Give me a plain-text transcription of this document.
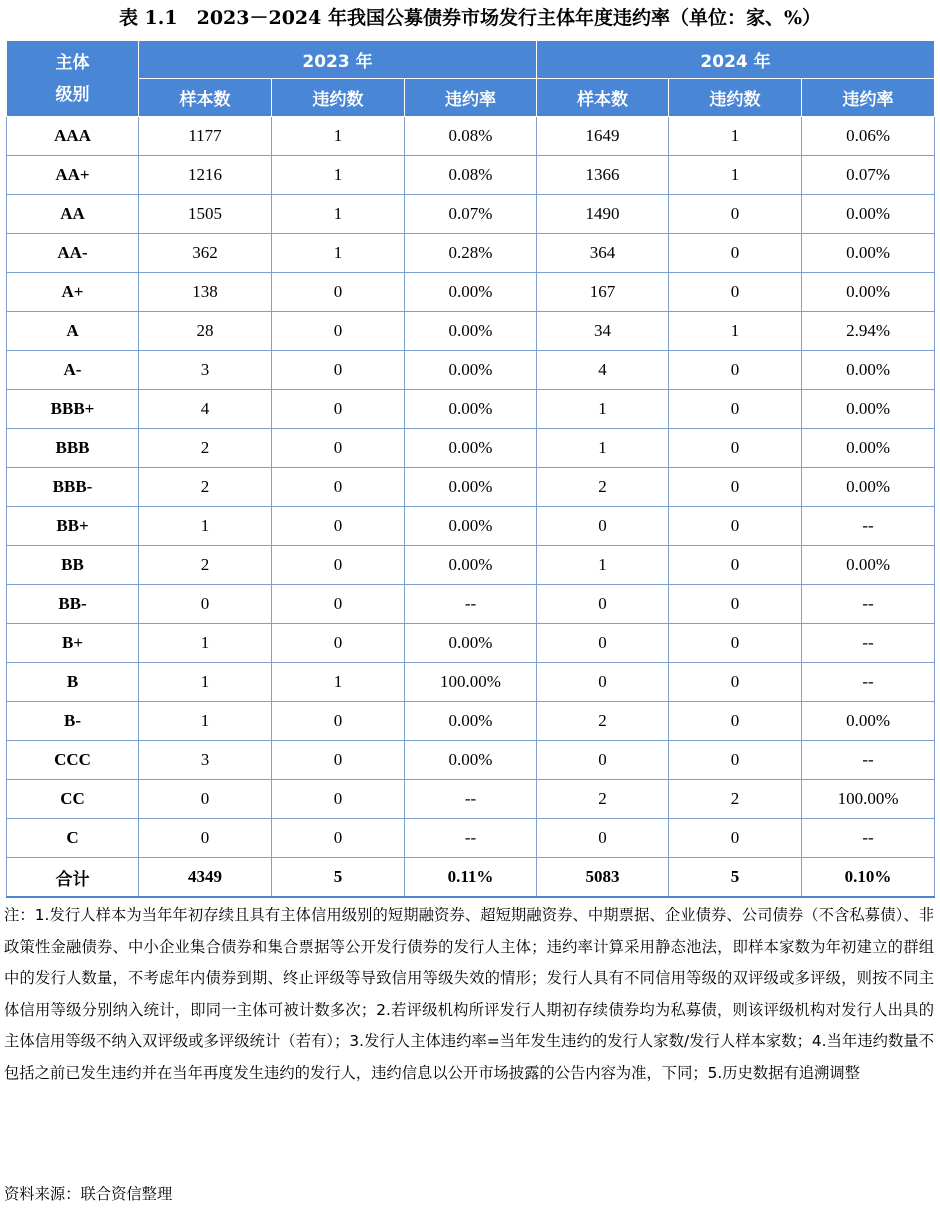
表 1.1　2023－2024 年我国公募债券市场发行主体年度违约率（单位：家、%）
主体
级别	2023 年			2024 年		
	样本数	违约数	违约率	样本数	违约数	违约率
AAA	1177	1	0.08%	1649	1	0.06%
AA+	1216	1	0.08%	1366	1	0.07%
AA	1505	1	0.07%	1490	0	0.00%
AA-	362	1	0.28%	364	0	0.00%
A+	138	0	0.00%	167	0	0.00%
A	28	0	0.00%	34	1	2.94%
A-	3	0	0.00%	4	0	0.00%
BBB+	4	0	0.00%	1	0	0.00%
BBB	2	0	0.00%	1	0	0.00%
BBB-	2	0	0.00%	2	0	0.00%
BB+	1	0	0.00%	0	0	--
BB	2	0	0.00%	1	0	0.00%
BB-	0	0	--	0	0	--
B+	1	0	0.00%	0	0	--
B	1	1	100.00%	0	0	--
B-	1	0	0.00%	2	0	0.00%
CCC	3	0	0.00%	0	0	--
CC	0	0	--	2	2	100.00%
C	0	0	--	0	0	--
合计	4349	5	0.11%	5083	5	0.10%
注：1.发行人样本为当年年初存续且具有主体信用级别的短期融资券、超短期融资券、中期票据、企业债券、公司债券（不含私募债）、非政策性金融债券、中小企业集合债券和集合票据等公开发行债券的发行人主体；违约率计算采用静态池法，即样本家数为年初建立的群组中的发行人数量，不考虑年内债券到期、终止评级等导致信用等级失效的情形；发行人具有不同信用等级的双评级或多评级，则按不同主体信用等级分别纳入统计，即同一主体可被计数多次；2.若评级机构所评发行人期初存续债券均为私募债，则该评级机构对发行人出具的主体信用等级不纳入双评级或多评级统计（若有）；3.发行人主体违约率=当年发生违约的发行人家数/发行人样本家数；4.当年违约数量不包括之前已发生违约并在当年再度发生违约的发行人，违约信息以公开市场披露的公告内容为准，下同；5.历史数据有追溯调整
资料来源：联合资信整理
